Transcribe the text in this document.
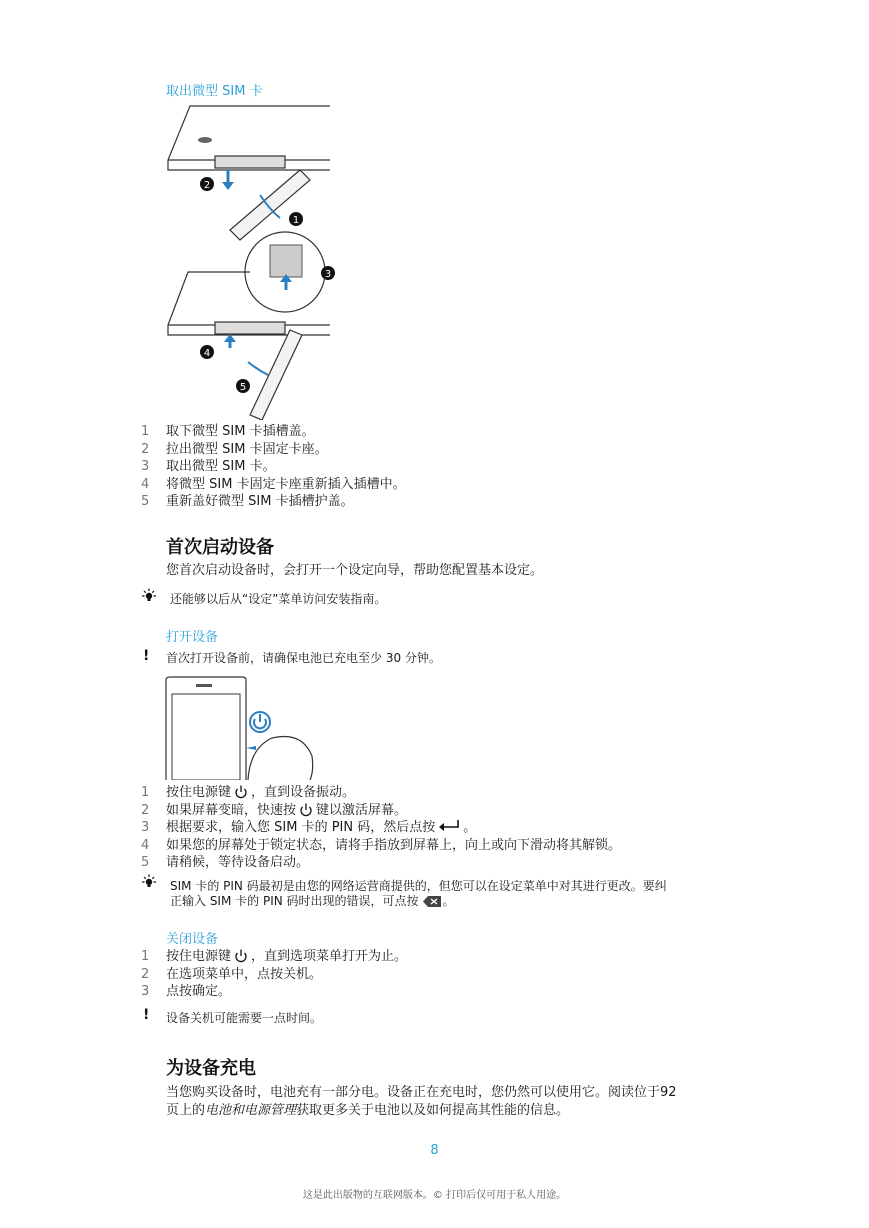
取出微型 SIM 卡
2
1
3
4
5
1	取下微型 SIM 卡插槽盖。
2	拉出微型 SIM 卡固定卡座。
3	取出微型 SIM 卡。
4	将微型 SIM 卡固定卡座重新插入插槽中。
5	重新盖好微型 SIM 卡插槽护盖。
首次启动设备
您首次启动设备时，会打开一个设定向导，帮助您配置基本设定。
还能够以后从“设定”菜单访问安装指南。
打开设备
! 首次打开设备前，请确保电池已充电至少 30 分钟。
1	按住电源键 ，直到设备振动。
2	如果屏幕变暗，快速按 键以激活屏幕。
3	根据要求，输入您 SIM 卡的 PIN 码，然后点按 。
4	如果您的屏幕处于锁定状态，请将手指放到屏幕上，向上或向下滑动将其解锁。
5	请稍候，等待设备启动。
SIM 卡的 PIN 码最初是由您的网络运营商提供的，但您可以在设定菜单中对其进行更改。要纠
正输入 SIM 卡的 PIN 码时出现的错误，可点按 。
关闭设备
1	按住电源键 ，直到选项菜单打开为止。
2	在选项菜单中，点按关机。
3	点按确定。
! 设备关机可能需要一点时间。
为设备充电
当您购买设备时，电池充有一部分电。设备正在充电时，您仍然可以使用它。阅读位于92
页上的电池和电源管理获取更多关于电池以及如何提高其性能的信息。
8
这是此出版物的互联网版本。© 打印后仅可用于私人用途。
